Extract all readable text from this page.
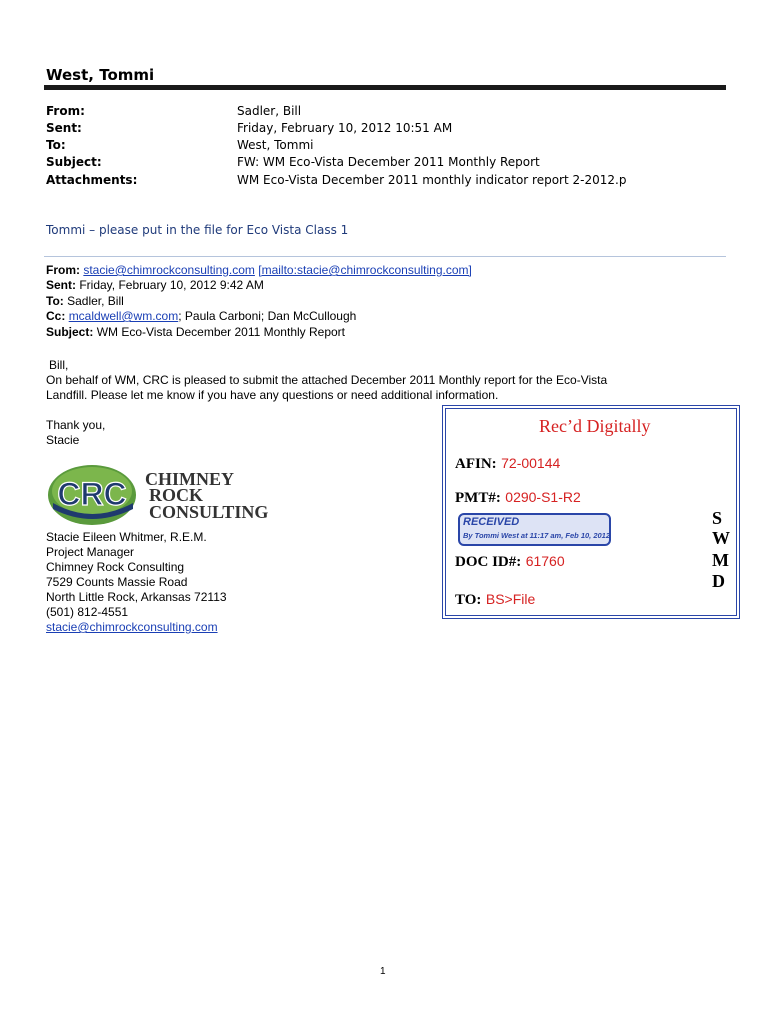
West, Tommi
From:	Sadler, Bill
Sent:	Friday, February 10, 2012 10:51 AM
To:	West, Tommi
Subject:	FW: WM Eco-Vista December 2011 Monthly Report
Attachments:	WM Eco-Vista December 2011 monthly indicator report 2-2012.p
Tommi – please put in the file for Eco Vista Class 1
From: stacie@chimrockconsulting.com [mailto:stacie@chimrockconsulting.com]
Sent: Friday, February 10, 2012 9:42 AM
To: Sadler, Bill
Cc: mcaldwell@wm.com; Paula Carboni; Dan McCullough
Subject: WM Eco-Vista December 2011 Monthly Report
Bill,
On behalf of WM, CRC is pleased to submit the attached December 2011 Monthly report for the Eco-Vista
Landfill. Please let me know if you have any questions or need additional information.
Thank you,
Stacie
CRC CHIMNEY
ROCK
CONSULTING
Stacie Eileen Whitmer, R.E.M.
Project Manager
Chimney Rock Consulting
7529 Counts Massie Road
North Little Rock, Arkansas 72113
(501) 812-4551
stacie@chimrockconsulting.com
Rec’d Digitally
AFIN: 72-00144
PMT#: 0290-S1-R2
RECEIVED
By Tommi West at 11:17 am, Feb 10, 2012
DOC ID#: 61760
TO: BS>File
S
W
M
D
1
